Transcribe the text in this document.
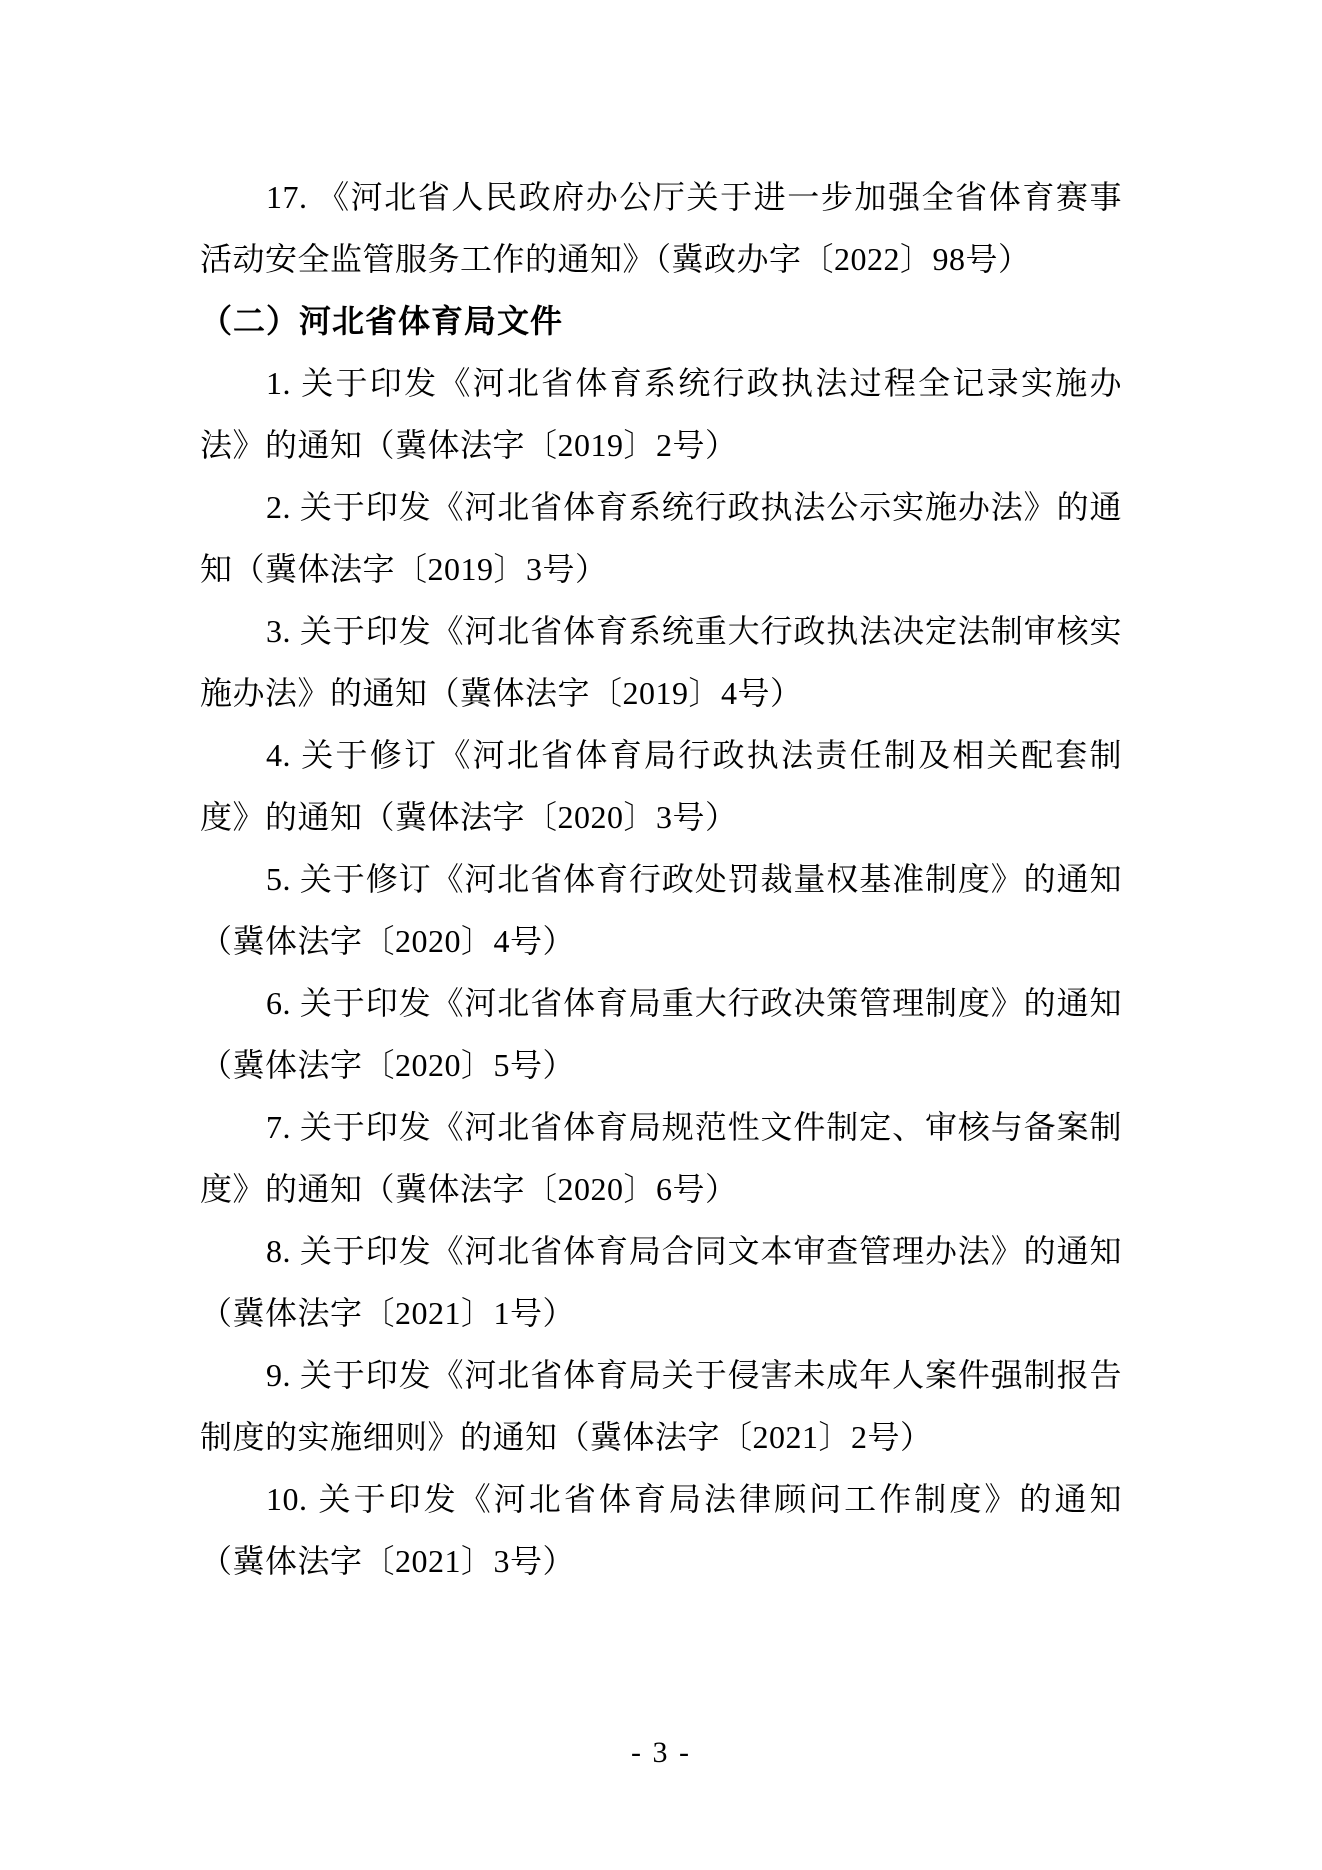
17. 《河北省人民政府办公厅关于进一步加强全省体育赛事活动安全监管服务工作的通知》（冀政办字〔2022〕98号）

（二）河北省体育局文件

1. 关于印发《河北省体育系统行政执法过程全记录实施办法》的通知（冀体法字〔2019〕2号）

2. 关于印发《河北省体育系统行政执法公示实施办法》的通知（冀体法字〔2019〕3号）

3. 关于印发《河北省体育系统重大行政执法决定法制审核实施办法》的通知（冀体法字〔2019〕4号）

4. 关于修订《河北省体育局行政执法责任制及相关配套制度》的通知（冀体法字〔2020〕3号）

5. 关于修订《河北省体育行政处罚裁量权基准制度》的通知（冀体法字〔2020〕4号）

6. 关于印发《河北省体育局重大行政决策管理制度》的通知（冀体法字〔2020〕5号）

7. 关于印发《河北省体育局规范性文件制定、审核与备案制度》的通知（冀体法字〔2020〕6号）

8. 关于印发《河北省体育局合同文本审查管理办法》的通知（冀体法字〔2021〕1号）

9. 关于印发《河北省体育局关于侵害未成年人案件强制报告制度的实施细则》的通知（冀体法字〔2021〕2号）

10. 关于印发《河北省体育局法律顾问工作制度》的通知（冀体法字〔2021〕3号）

- 3 -
